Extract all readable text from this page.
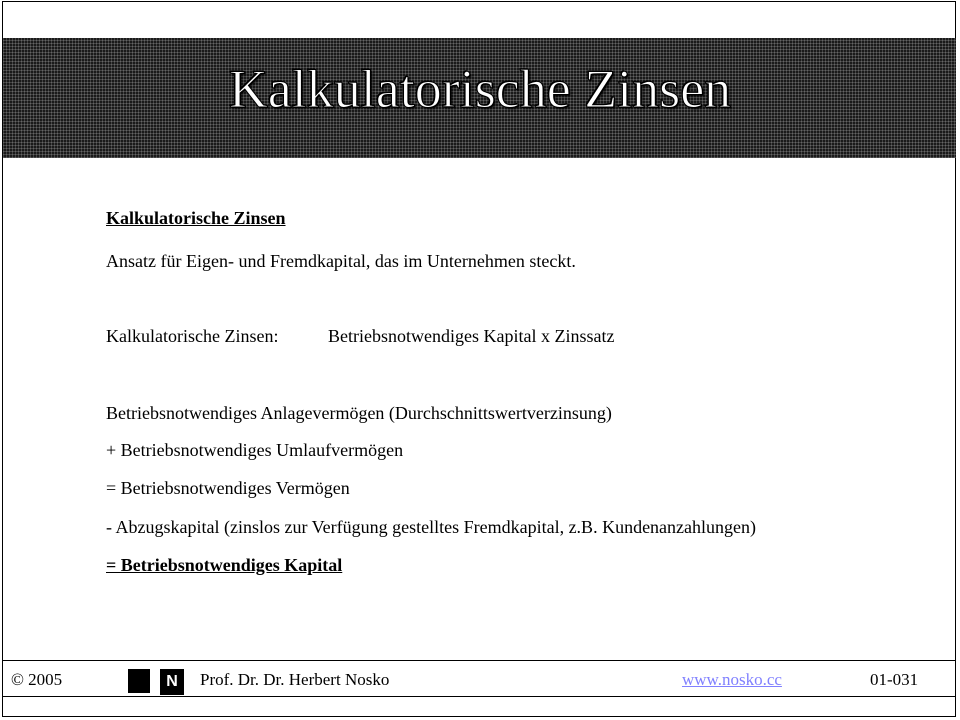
Kalkulatorische Zinsen
Kalkulatorische Zinsen
Ansatz für Eigen- und Fremdkapital, das im Unternehmen steckt.
Kalkulatorische Zinsen:	Betriebsnotwendiges Kapital x Zinssatz
Betriebsnotwendiges Anlagevermögen (Durchschnittswertverzinsung)
+ Betriebsnotwendiges Umlaufvermögen
= Betriebsnotwendiges Vermögen
- Abzugskapital (zinslos zur Verfügung gestelltes Fremdkapital, z.B. Kundenanzahlungen)
= Betriebsnotwendiges Kapital
© 2005	Prof. Dr. Dr. Herbert Nosko	www.nosko.cc	01-031
N
